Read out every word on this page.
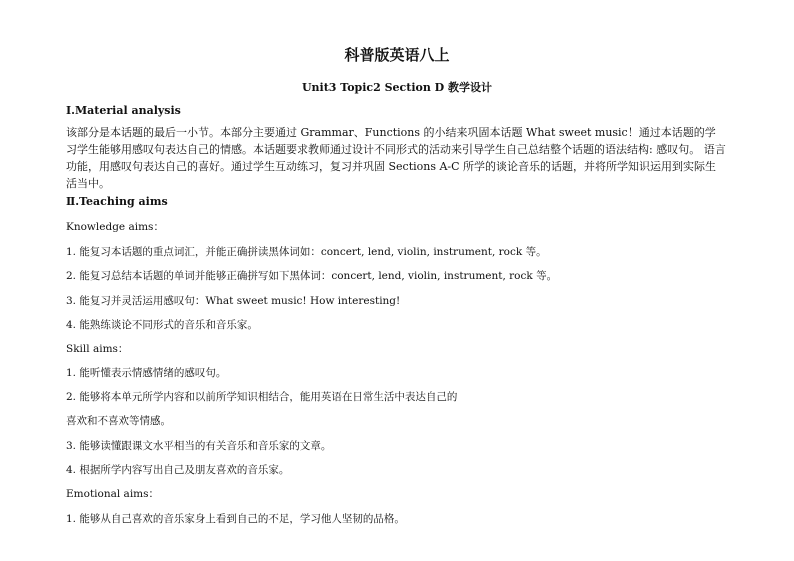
科普版英语八上
Unit3 Topic2 Section D 教学设计
Ⅰ.Material analysis
该部分是本话题的最后一小节。本部分主要通过 Grammar、Functions 的小结来巩固本话题 What sweet music！通过本话题的学习学生能够用感叹句表达自己的情感。本话题要求教师通过设计不同形式的活动来引导学生自己总结整个话题的语法结构: 感叹句。 语言功能，用感叹句表达自己的喜好。通过学生互动练习，复习并巩固 Sections A-C 所学的谈论音乐的话题，并将所学知识运用到实际生活当中。
Ⅱ.Teaching aims
Knowledge aims：
1. 能复习本话题的重点词汇，并能正确拼读黑体词如：concert, lend, violin, instrument, rock 等。
2. 能复习总结本话题的单词并能够正确拼写如下黑体词：concert, lend, violin, instrument, rock 等。
3. 能复习并灵活运用感叹句：What sweet music! How interesting!
4. 能熟练谈论不同形式的音乐和音乐家。
Skill aims：
1. 能听懂表示情感情绪的感叹句。
2. 能够将本单元所学内容和以前所学知识相结合，能用英语在日常生活中表达自己的
喜欢和不喜欢等情感。
3. 能够读懂跟课文水平相当的有关音乐和音乐家的文章。
4. 根据所学内容写出自己及朋友喜欢的音乐家。
Emotional aims：
1. 能够从自己喜欢的音乐家身上看到自己的不足，学习他人坚韧的品格。
